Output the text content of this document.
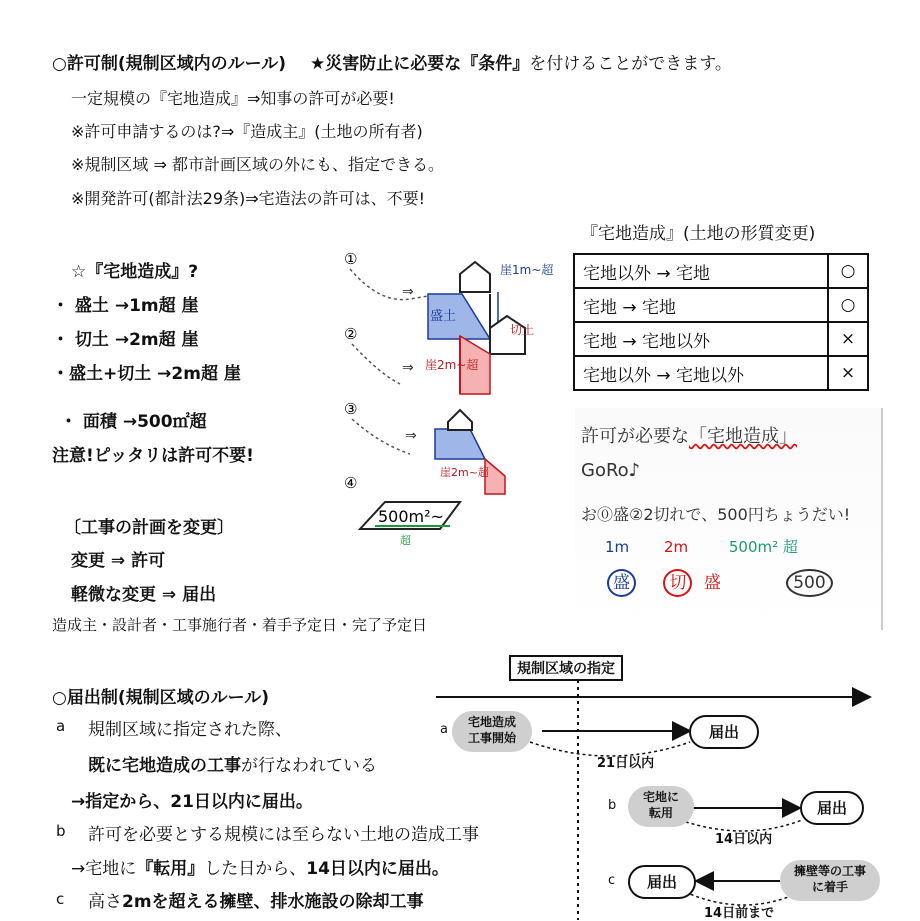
○許可制(規制区域内のルール) ★災害防止に必要な『条件』を付けることができます。
一定規模の『宅地造成』⇒知事の許可が必要!
※許可申請するのは?⇒『造成主』(土地の所有者)
※規制区域 ⇒ 都市計画区域の外にも、指定できる。
※開発許可(都計法29条)⇒宅造法の許可は、不要!
☆『宅地造成』?
・ 盛土 →1m超 崖
・ 切土 →2m超 崖
・盛土+切土 →2m超 崖
・ 面積 →500㎡超
注意!ピッタリは許可不要!
〔工事の計画を変更〕
変更 ⇒ 許可
軽微な変更 ⇒ 届出
造成主・設計者・工事施行者・着手予定日・完了予定日
①
⇒
盛土
崖1m~超
②
⇒ 崖2m~超
切土
③
⇒
崖2m~超
④
500m²~
超
『宅地造成』(土地の形質変更)
宅地以外 → 宅地	○
宅地 → 宅地	○
宅地 → 宅地以外	×
宅地以外 → 宅地以外	×
許可が必要な「宅地造成」
GoRo♪
お⓪盛②2切れで、500円ちょうだい!
1m 2m	500m² 超
盛 切 盛	500
○届出制(規制区域のルール)
a 規制区域に指定された際、
既に宅地造成の工事が行なわれている
→指定から、21日以内に届出。
b 許可を必要とする規模には至らない土地の造成工事
→宅地に『転用』した日から、14日以内に届出。
c 高さ2mを超える擁壁、排水施設の除却工事
規制区域の指定
a	宅地造成
工事開始	届出
21日以内
b
宅地に
転用	届出
14日以内
c	届出
擁壁等の工事
に着手
14日前まで
